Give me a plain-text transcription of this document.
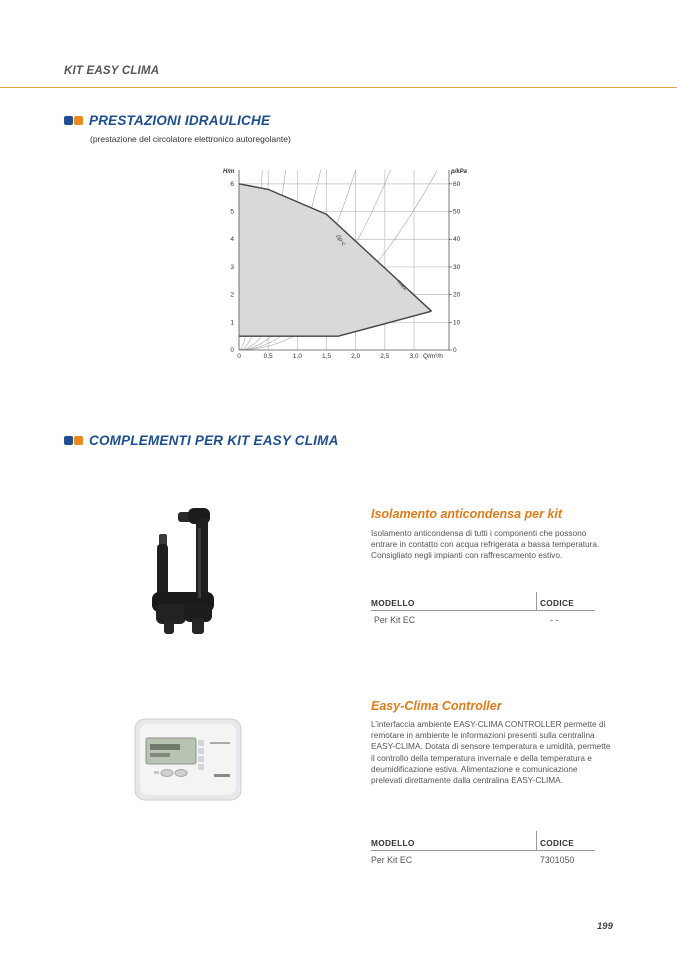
KIT EASY CLIMA
PRESTAZIONI IDRAULICHE
(prestazione del circolatore elettronico autoregolante)
0
1
2
3
4
5
6
0	0,5	1,0	1,5	2,0	2,5	3,0 Q/m³/h
0
10
20
30
40
50
60
H/m	p/kPa
Δp-c
max.
COMPLEMENTI PER KIT EASY CLIMA
Isolamento anticondensa per kit
Isolamento anticondensa di tutti i componenti che possono entrare in contatto con acqua refrigerata a bassa temperatura. Consigliato negli impianti con raffrescamento estivo.
MODELLO	CODICE
Per Kit EC	- -
Easy-Clima Controller
L’interfaccia ambiente EASY-CLIMA CONTROLLER permette di remotare in ambiente le informazioni presenti sulla centralina EASY-CLIMA. Dotata di sensore temperatura e umidità, permette il controllo della temperatura invernale e della temperatura e deumidificazione estiva. Alimentazione e comunicazione prelevati direttamente dalla centralina EASY-CLIMA.
MODELLO	CODICE
Per Kit EC	7301050
199
